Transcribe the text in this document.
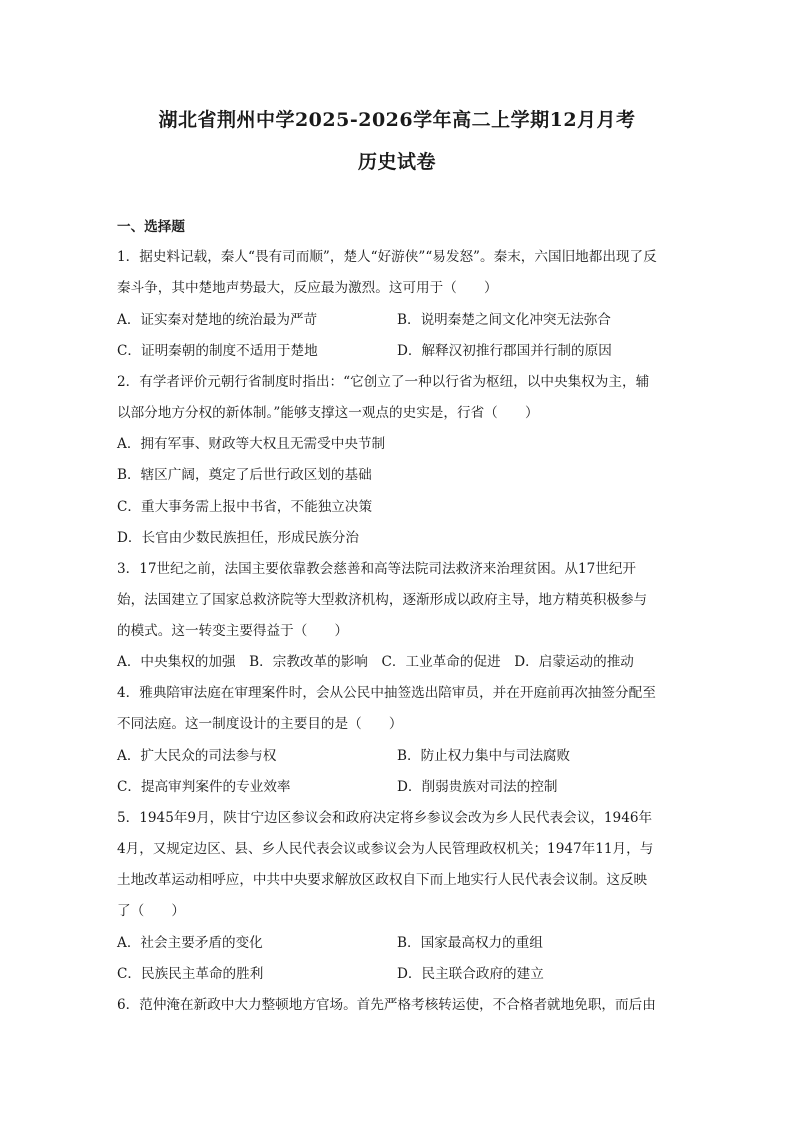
湖北省荆州中学2025-2026学年高二上学期12月月考
历史试卷
一、选择题
1．据史料记载，秦人“畏有司而顺”，楚人“好游侠”“易发怒”。秦末，六国旧地都出现了反
秦斗争，其中楚地声势最大，反应最为激烈。这可用于（　　）
A．证实秦对楚地的统治最为严苛	B．说明秦楚之间文化冲突无法弥合
C．证明秦朝的制度不适用于楚地	D．解释汉初推行郡国并行制的原因
2．有学者评价元朝行省制度时指出：“它创立了一种以行省为枢纽，以中央集权为主，辅
以部分地方分权的新体制。”能够支撑这一观点的史实是，行省（　　）
A．拥有军事、财政等大权且无需受中央节制
B．辖区广阔，奠定了后世行政区划的基础
C．重大事务需上报中书省，不能独立决策
D．长官由少数民族担任，形成民族分治
3．17世纪之前，法国主要依靠教会慈善和高等法院司法救济来治理贫困。从17世纪开
始，法国建立了国家总救济院等大型救济机构，逐渐形成以政府主导，地方精英积极参与
的模式。这一转变主要得益于（　　）
A．中央集权的加强　B．宗教改革的影响　C．工业革命的促进　D．启蒙运动的推动
4．雅典陪审法庭在审理案件时，会从公民中抽签选出陪审员，并在开庭前再次抽签分配至
不同法庭。这一制度设计的主要目的是（　　）
A．扩大民众的司法参与权	B．防止权力集中与司法腐败
C．提高审判案件的专业效率	D．削弱贵族对司法的控制
5．1945年9月，陕甘宁边区参议会和政府决定将乡参议会改为乡人民代表会议，1946年
4月，又规定边区、县、乡人民代表会议或参议会为人民管理政权机关；1947年11月，与
土地改革运动相呼应，中共中央要求解放区政权自下而上地实行人民代表会议制。这反映
了（　　）
A．社会主要矛盾的变化	B．国家最高权力的重组
C．民族民主革命的胜利	D．民主联合政府的建立
6．范仲淹在新政中大力整顿地方官场。首先严格考核转运使，不合格者就地免职，而后由
